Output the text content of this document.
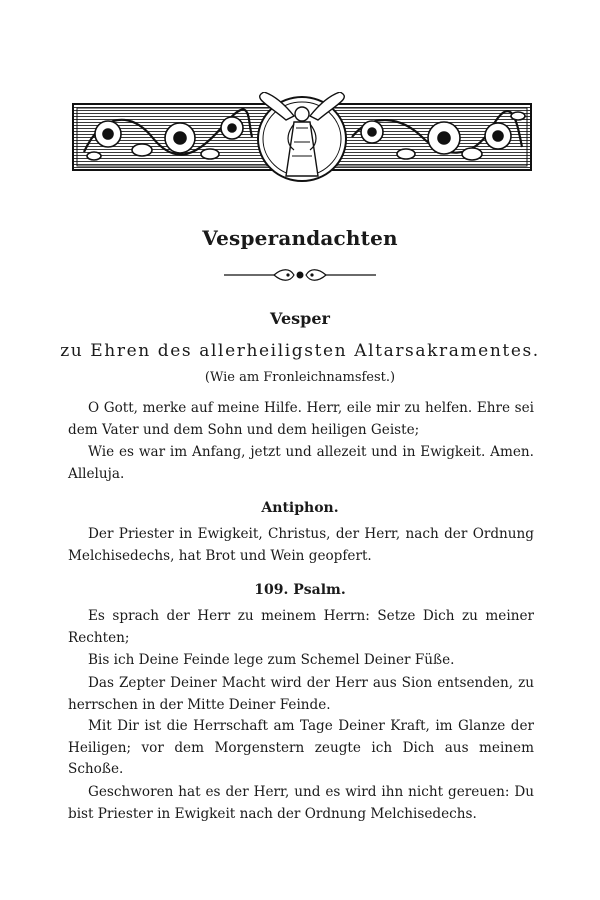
Vesperandachten
Vesper

zu Ehren des allerheiligsten Altarsakramentes.

(Wie am Fronleichnamsfest.)

O Gott, merke auf meine Hilfe. Herr, eile mir zu helfen. Ehre sei dem Vater und dem Sohn und dem heiligen Geiste;

Wie es war im Anfang, jetzt und allezeit und in Ewigkeit. Amen. Alleluja.

Antiphon.

Der Priester in Ewigkeit, Christus, der Herr, nach der Ordnung Melchisedechs, hat Brot und Wein geopfert.

109. Psalm.

Es sprach der Herr zu meinem Herrn: Setze Dich zu meiner Rechten;

Bis ich Deine Feinde lege zum Schemel Deiner Füße.

Das Zepter Deiner Macht wird der Herr aus Sion entsenden, zu herrschen in der Mitte Deiner Feinde.

Mit Dir ist die Herrschaft am Tage Deiner Kraft, im Glanze der Heiligen; vor dem Morgenstern zeugte ich Dich aus meinem Schoße.

Geschworen hat es der Herr, und es wird ihn nicht gereuen: Du bist Priester in Ewigkeit nach der Ordnung Melchisedechs.
